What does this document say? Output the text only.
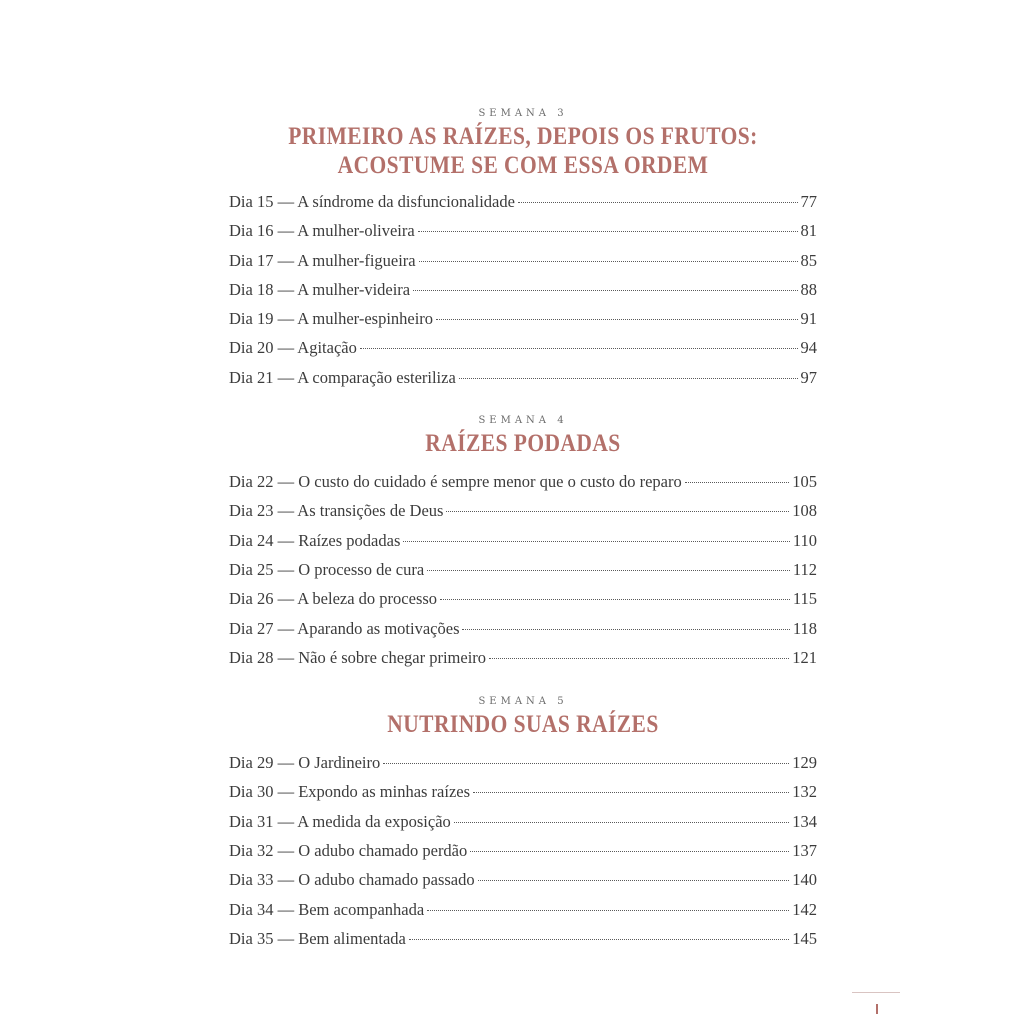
SEMANA 3

PRIMEIRO AS RAÍZES, DEPOIS OS FRUTOS:
ACOSTUME SE COM ESSA ORDEM
Dia 15 — A síndrome da disfuncionalidade	77
Dia 16 — A mulher-oliveira	81
Dia 17 — A mulher-figueira	85
Dia 18 — A mulher-videira	88
Dia 19 — A mulher-espinheiro	91
Dia 20 — Agitação	94
Dia 21 — A comparação esteriliza	97

SEMANA 4

RAÍZES PODADAS
Dia 22 — O custo do cuidado é sempre menor que o custo do reparo	105
Dia 23 — As transições de Deus	108
Dia 24 — Raízes podadas	110
Dia 25 — O processo de cura	112
Dia 26 — A beleza do processo	115
Dia 27 — Aparando as motivações	118
Dia 28 — Não é sobre chegar primeiro	121

SEMANA 5

NUTRINDO SUAS RAÍZES
Dia 29 — O Jardineiro	129
Dia 30 — Expondo as minhas raízes	132
Dia 31 — A medida da exposição	134
Dia 32 — O adubo chamado perdão	137
Dia 33 — O adubo chamado passado	140
Dia 34 — Bem acompanhada	142
Dia 35 — Bem alimentada	145
